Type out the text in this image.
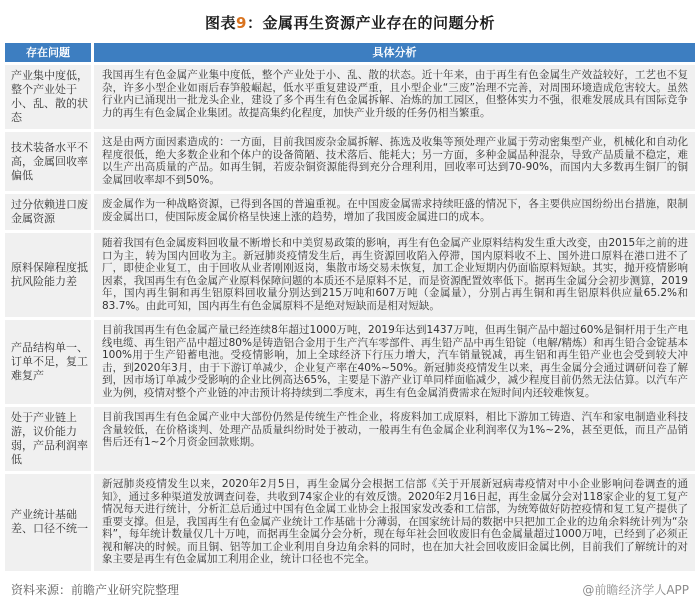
图表9：金属再生资源产业存在的问题分析
存在问题	具体分析
产业集中度低，整个产业处于小、乱、散的状态
我国再生有色金属产业集中度低，整个产业处于小、乱、散的状态。近十年来，由于再生有色金属生产效益较好，工艺也不复杂，许多小型企业如雨后春笋般崛起，低水平重复建设严重，且小型企业“三废”治理不完善，对周围环境造成危害较大。虽然行业内已涌现出一批龙头企业，建设了多个再生有色金属拆解、冶炼的加工园区，但整体实力不强，很难发展成具有国际竞争力的再生有色金属企业集团。故提高集约化程度，加快产业升级的任务仍相当繁重。
技术装备水平不高，金属回收率偏低
这是由两方面因素造成的：一方面，目前我国废杂金属拆解、拣选及收集等预处理产业属于劳动密集型产业，机械化和自动化程度很低，绝大多数企业和个体户的设备简陋、技术落后、能耗大；另一方面，多种金属品种混杂，导致产品质量不稳定，难以生产出高质量的产品。如再生铜，若废杂铜资源能得到充分合理利用，回收率可达到70-90%，而国内大多数再生铜厂的铜金属回收率却不到50%。
过分依赖进口废金属资源
废金属作为一种战略资源，已得到各国的普遍重视。在中国废金属需求持续旺盛的情况下，各主要供应国纷纷出台措施，限制废金属出口，使国际废金属价格呈快速上涨的趋势，增加了我国废金属进口的成本。
原料保障程度抵抗风险能力差
随着我国有色金属废料回收量不断增长和中美贸易政策的影响，再生有色金属产业原料结构发生重大改变，由2015年之前的进口为主，转为国内回收为主。新冠肺炎疫情发生后，再生资源回收陷入停滞，国内原料收不上、国外进口原料在港口进不了厂，即使企业复工，由于回收从业者刚刚返岗，集散市场交易未恢复，加工企业短期内仍面临原料短缺。其实，抛开疫情影响因素，我国再生有色金属产业原料保障问题的本质还不是原料不足，而是资源配置效率低下。据再生金属分会初步测算，2019年，国内再生铜和再生铝原料回收量分别达到215万吨和607万吨（金属量），分别占再生铜和再生铝原料供应量65.2%和83.7%。由此可知，国内再生有色金属原料不是绝对短缺而是相对短缺。
产品结构单一、订单不足，复工难复产
目前我国再生有色金属产量已经连续8年超过1000万吨，2019年达到1437万吨，但再生铜产品中超过60%是铜杆用于生产电线电缆、再生铝产品中超过80%是铸造铝合金用于生产汽车零部件、再生铅产品中再生铅锭（电解/精炼）和再生铅合金锭基本100%用于生产铅蓄电池。受疫情影响，加上全球经济下行压力增大，汽车销量锐减，再生铝和再生铅产业也会受到较大冲击，到2020年3月，由于下游订单减少，企业复产率在40%~50%。新冠肺炎疫情发生以来，再生金属分会通过调研问卷了解到，因市场订单减少受影响的企业比例高达65%，主要是下游产业订单同样面临减少，减少程度目前仍然无法估算。以汽车产业为例，疫情对整个产业链的冲击预计将持续到二季度末，再生有色金属消费需求在短时间内还较难恢复。
处于产业链上游，议价能力弱，产品利润率低
目前我国再生有色金属产业中大部份仍然是传统生产性企业，将废料加工成原料，相比下游加工铸造、汽车和家电制造业科技含量较低，在价格谈判、处理产品质量纠纷时处于被动，一般再生有色金属企业利润率仅为1%~2%，甚至更低，而且产品销售后还有1~2个月资金回款账期。
产业统计基础差、口径不统一
新冠肺炎疫情发生以来，2020年2月5日，再生金属分会根据工信部《关于开展新冠病毒疫情对中小企业影响问卷调查的通知》，通过多种渠道发放调查问卷，共收到74家企业的有效反馈。2020年2月16日起，再生金属分会对118家企业的复工复产情况每天进行统计，分析汇总后通过中国有色金属工业协会上报国家发改委和工信部，为统筹做好防控疫情和复工复产提供了重要支撑。但是，我国再生有色金属产业统计工作基础十分薄弱，在国家统计局的数据中只把加工企业的边角余料统计列为“杂料”，每年统计数量仅几十万吨，而据再生金属分会分析，现在每年社会回收废旧有色金属量超过1000万吨，已经到了必须正视和解决的时候。而且铜、铝等加工企业利用自身边角余料的同时，也在加大社会回收废旧金属比例，目前我们了解统计的对象主要是再生有色金属加工利用企业，统计口径也不完全。
资料来源：前瞻产业研究院整理	@前瞻经济学人APP
